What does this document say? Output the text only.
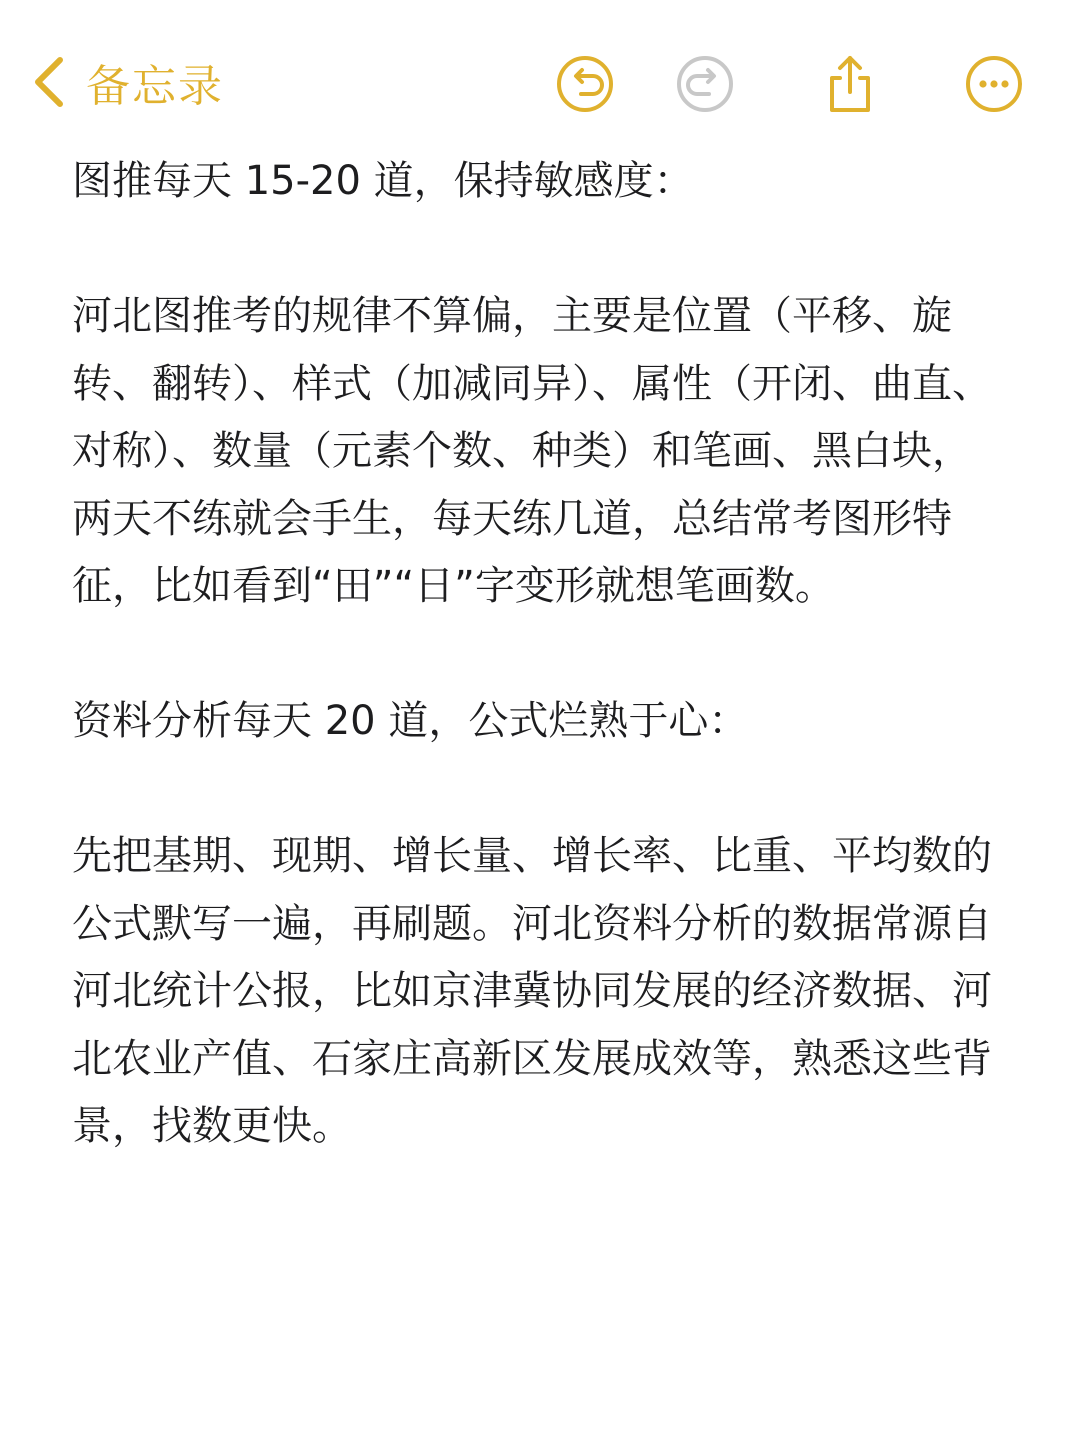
备忘录

图推每天 15-20 道，保持敏感度：

河北图推考的规律不算偏，主要是位置（平移、旋转、翻转）、样式（加减同异）、属性（开闭、曲直、对称）、数量（元素个数、种类）和笔画、黑白块，两天不练就会手生，每天练几道，总结常考图形特征，比如看到“田”“日”字变形就想笔画数。

资料分析每天 20 道，公式烂熟于心：

先把基期、现期、增长量、增长率、比重、平均数的公式默写一遍，再刷题。河北资料分析的数据常源自河北统计公报，比如京津冀协同发展的经济数据、河北农业产值、石家庄高新区发展成效等，熟悉这些背景，找数更快。
